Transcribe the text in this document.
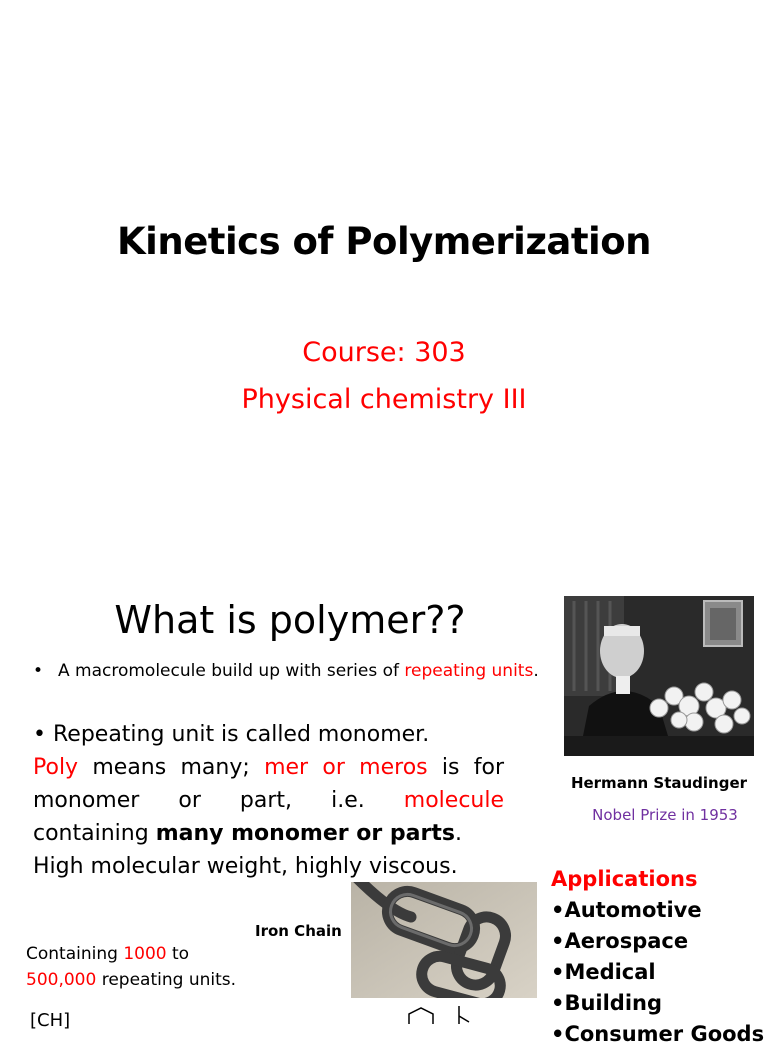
Kinetics of Polymerization
Course: 303
Physical chemistry III
What is polymer??
• A macromolecule build up with series of repeating units.
• Repeating unit is called monomer.
Poly means many; mer or meros is for
monomer or part, i.e. molecule
containing many monomer or parts.
High molecular weight, highly viscous.
Hermann Staudinger
Nobel Prize in 1953
Applications
•Automotive
•Aerospace
•Medical
•Building
•Consumer Goods
Iron Chain
Containing 1000 to
500,000 repeating units.
[CH]
